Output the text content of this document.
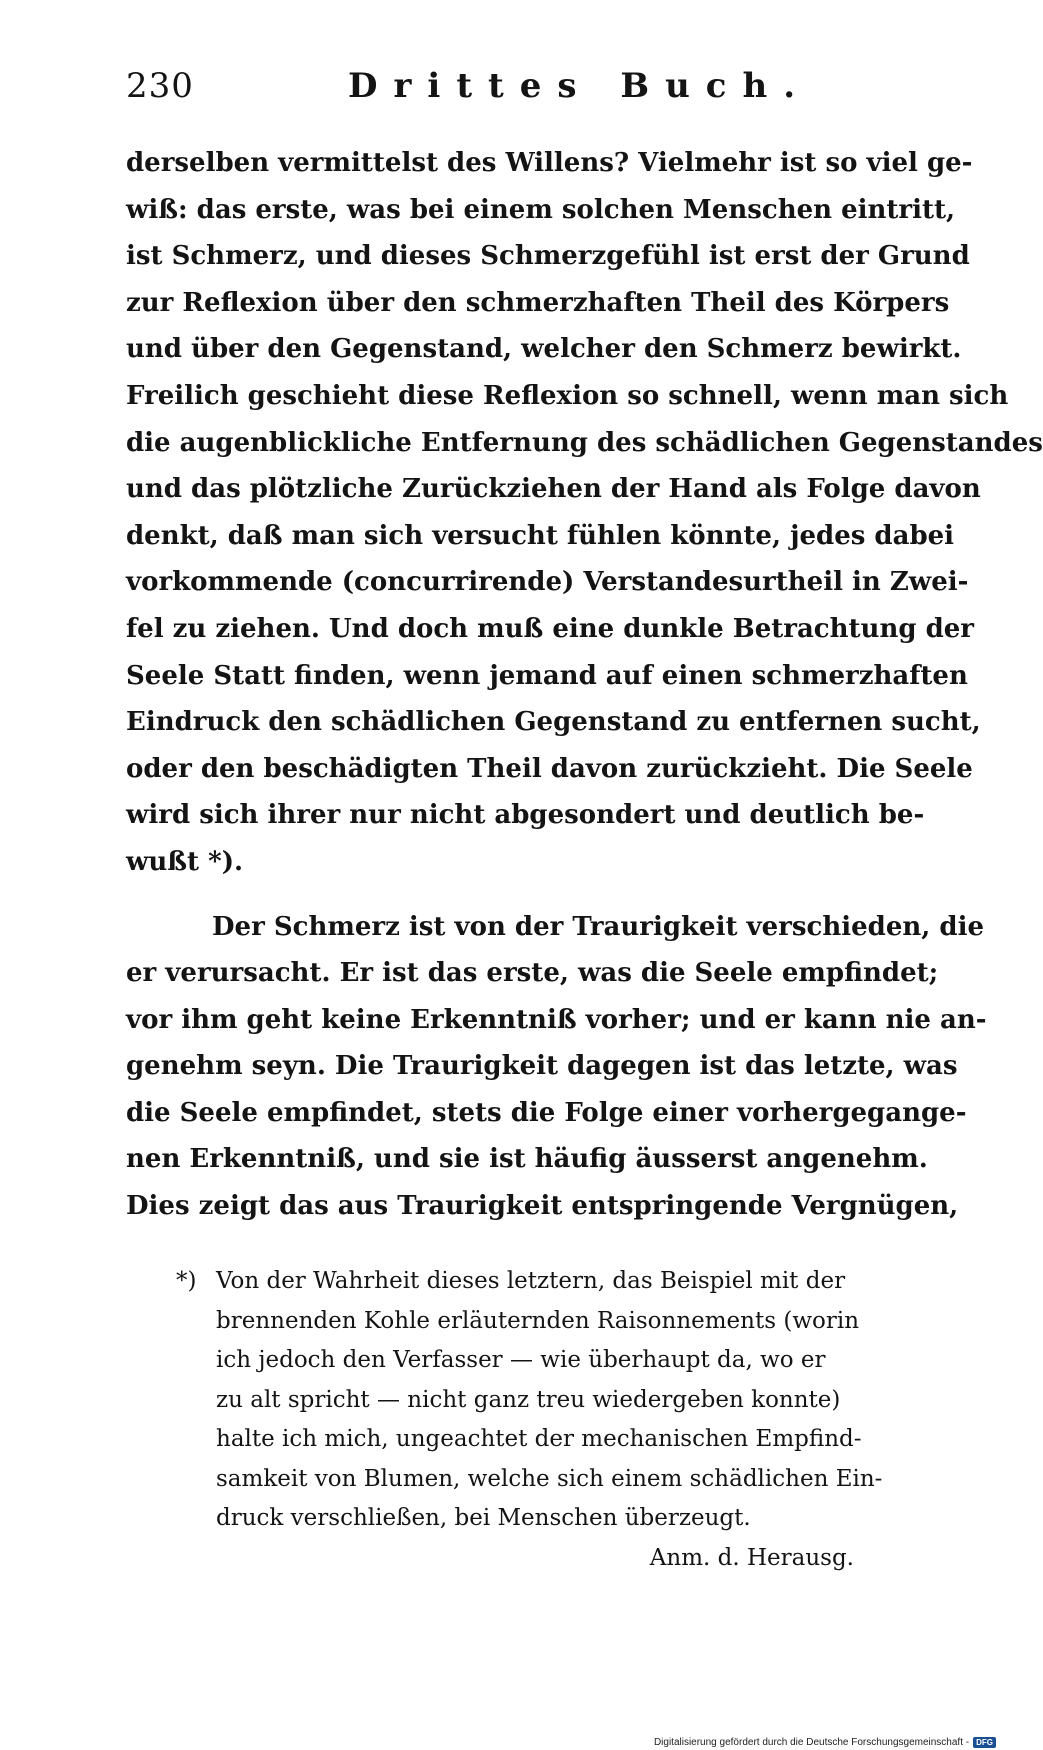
230	Drittes Buch.
derselben vermittelst des Willens? Vielmehr ist so viel ge-
wiß: das erste, was bei einem solchen Menschen eintritt,
ist Schmerz, und dieses Schmerzgefühl ist erst der Grund
zur Reflexion über den schmerzhaften Theil des Körpers
und über den Gegenstand, welcher den Schmerz bewirkt.
Freilich geschieht diese Reflexion so schnell, wenn man sich
die augenblickliche Entfernung des schädlichen Gegenstandes
und das plötzliche Zurückziehen der Hand als Folge davon
denkt, daß man sich versucht fühlen könnte, jedes dabei
vorkommende (concurrirende) Verstandesurtheil in Zwei-
fel zu ziehen. Und doch muß eine dunkle Betrachtung der
Seele Statt finden, wenn jemand auf einen schmerzhaften
Eindruck den schädlichen Gegenstand zu entfernen sucht,
oder den beschädigten Theil davon zurückzieht. Die Seele
wird sich ihrer nur nicht abgesondert und deutlich be-
wußt *).
Der Schmerz ist von der Traurigkeit verschieden, die
er verursacht. Er ist das erste, was die Seele empfindet;
vor ihm geht keine Erkenntniß vorher; und er kann nie an-
genehm seyn. Die Traurigkeit dagegen ist das letzte, was
die Seele empfindet, stets die Folge einer vorhergegange-
nen Erkenntniß, und sie ist häufig äusserst angenehm.
Dies zeigt das aus Traurigkeit entspringende Vergnügen,
*) Von der Wahrheit dieses letztern, das Beispiel mit der
brennenden Kohle erläuternden Raisonnements (worin
ich jedoch den Verfasser — wie überhaupt da, wo er
zu alt spricht — nicht ganz treu wiedergeben konnte)
halte ich mich, ungeachtet der mechanischen Empfind-
samkeit von Blumen, welche sich einem schädlichen Ein-
druck verschließen, bei Menschen überzeugt.
Anm. d. Herausg.
Digitalisierung gefördert durch die Deutsche Forschungsgemeinschaft - DFG
